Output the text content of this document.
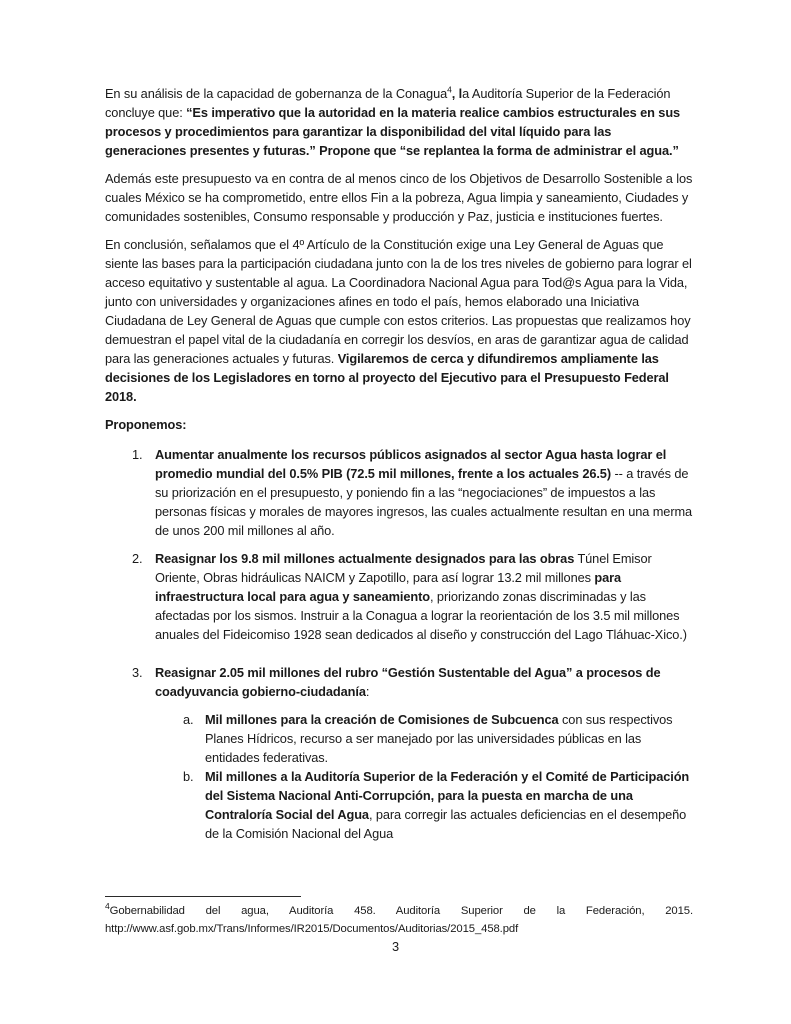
En su análisis de la capacidad de gobernanza de la Conagua$^4$, la Auditoría Superior de la Federación concluye que: “Es imperativo que la autoridad en la materia realice cambios estructurales en sus procesos y procedimientos para garantizar la disponibilidad del vital líquido para las generaciones presentes y futuras.” Propone que “se replantea la forma de administrar el agua.”

Además este presupuesto va en contra de al menos cinco de los Objetivos de Desarrollo Sostenible a los cuales México se ha comprometido, entre ellos Fin a la pobreza, Agua limpia y saneamiento, Ciudades y comunidades sostenibles, Consumo responsable y producción y Paz, justicia e instituciones fuertes.

En conclusión, señalamos que el 4º Artículo de la Constitución exige una Ley General de Aguas que siente las bases para la participación ciudadana junto con la de los tres niveles de gobierno para lograr el acceso equitativo y sustentable al agua. La Coordinadora Nacional Agua para Tod@s Agua para la Vida, junto con universidades y organizaciones afines en todo el país, hemos elaborado una Iniciativa Ciudadana de Ley General de Aguas que cumple con estos criterios. Las propuestas que realizamos hoy demuestran el papel vital de la ciudadanía en corregir los desvíos, en aras de garantizar agua de calidad para las generaciones actuales y futuras. Vigilaremos de cerca y difundiremos ampliamente las decisiones de los Legisladores en torno al proyecto del Ejecutivo para el Presupuesto Federal 2018.

Proponemos:

1. Aumentar anualmente los recursos públicos asignados al sector Agua hasta lograr el promedio mundial del 0.5% PIB (72.5 mil millones, frente a los actuales 26.5) -- a través de su priorización en el presupuesto, y poniendo fin a las “negociaciones” de impuestos a las personas físicas y morales de mayores ingresos, las cuales actualmente resultan en una merma de unos 200 mil millones al año.
2. Reasignar los 9.8 mil millones actualmente designados para las obras Túnel Emisor Oriente, Obras hidráulicas NAICM y Zapotillo, para así lograr 13.2 mil millones para infraestructura local para agua y saneamiento, priorizando zonas discriminadas y las afectadas por los sismos. Instruir a la Conagua a lograr la reorientación de los 3.5 mil millones anuales del Fideicomiso 1928 sean dedicados al diseño y construcción del Lago Tláhuac-Xico.)
3. Reasignar 2.05 mil millones del rubro “Gestión Sustentable del Agua” a procesos de coadyuvancia gobierno-ciudadanía:
a. Mil millones para la creación de Comisiones de Subcuenca con sus respectivos Planes Hídricos, recurso a ser manejado por las universidades públicas en las entidades federativas.
b. Mil millones a la Auditoría Superior de la Federación y el Comité de Participación del Sistema Nacional Anti-Corrupción, para la puesta en marcha de una Contraloría Social del Agua, para corregir las actuales deficiencias en el desempeño de la Comisión Nacional del Agua
$^4$Gobernabilidad del agua, Auditoría 458. Auditoría Superior de la Federación, 2015.
http://www.asf.gob.mx/Trans/Informes/IR2015/Documentos/Auditorias/2015_458.pdf
3
